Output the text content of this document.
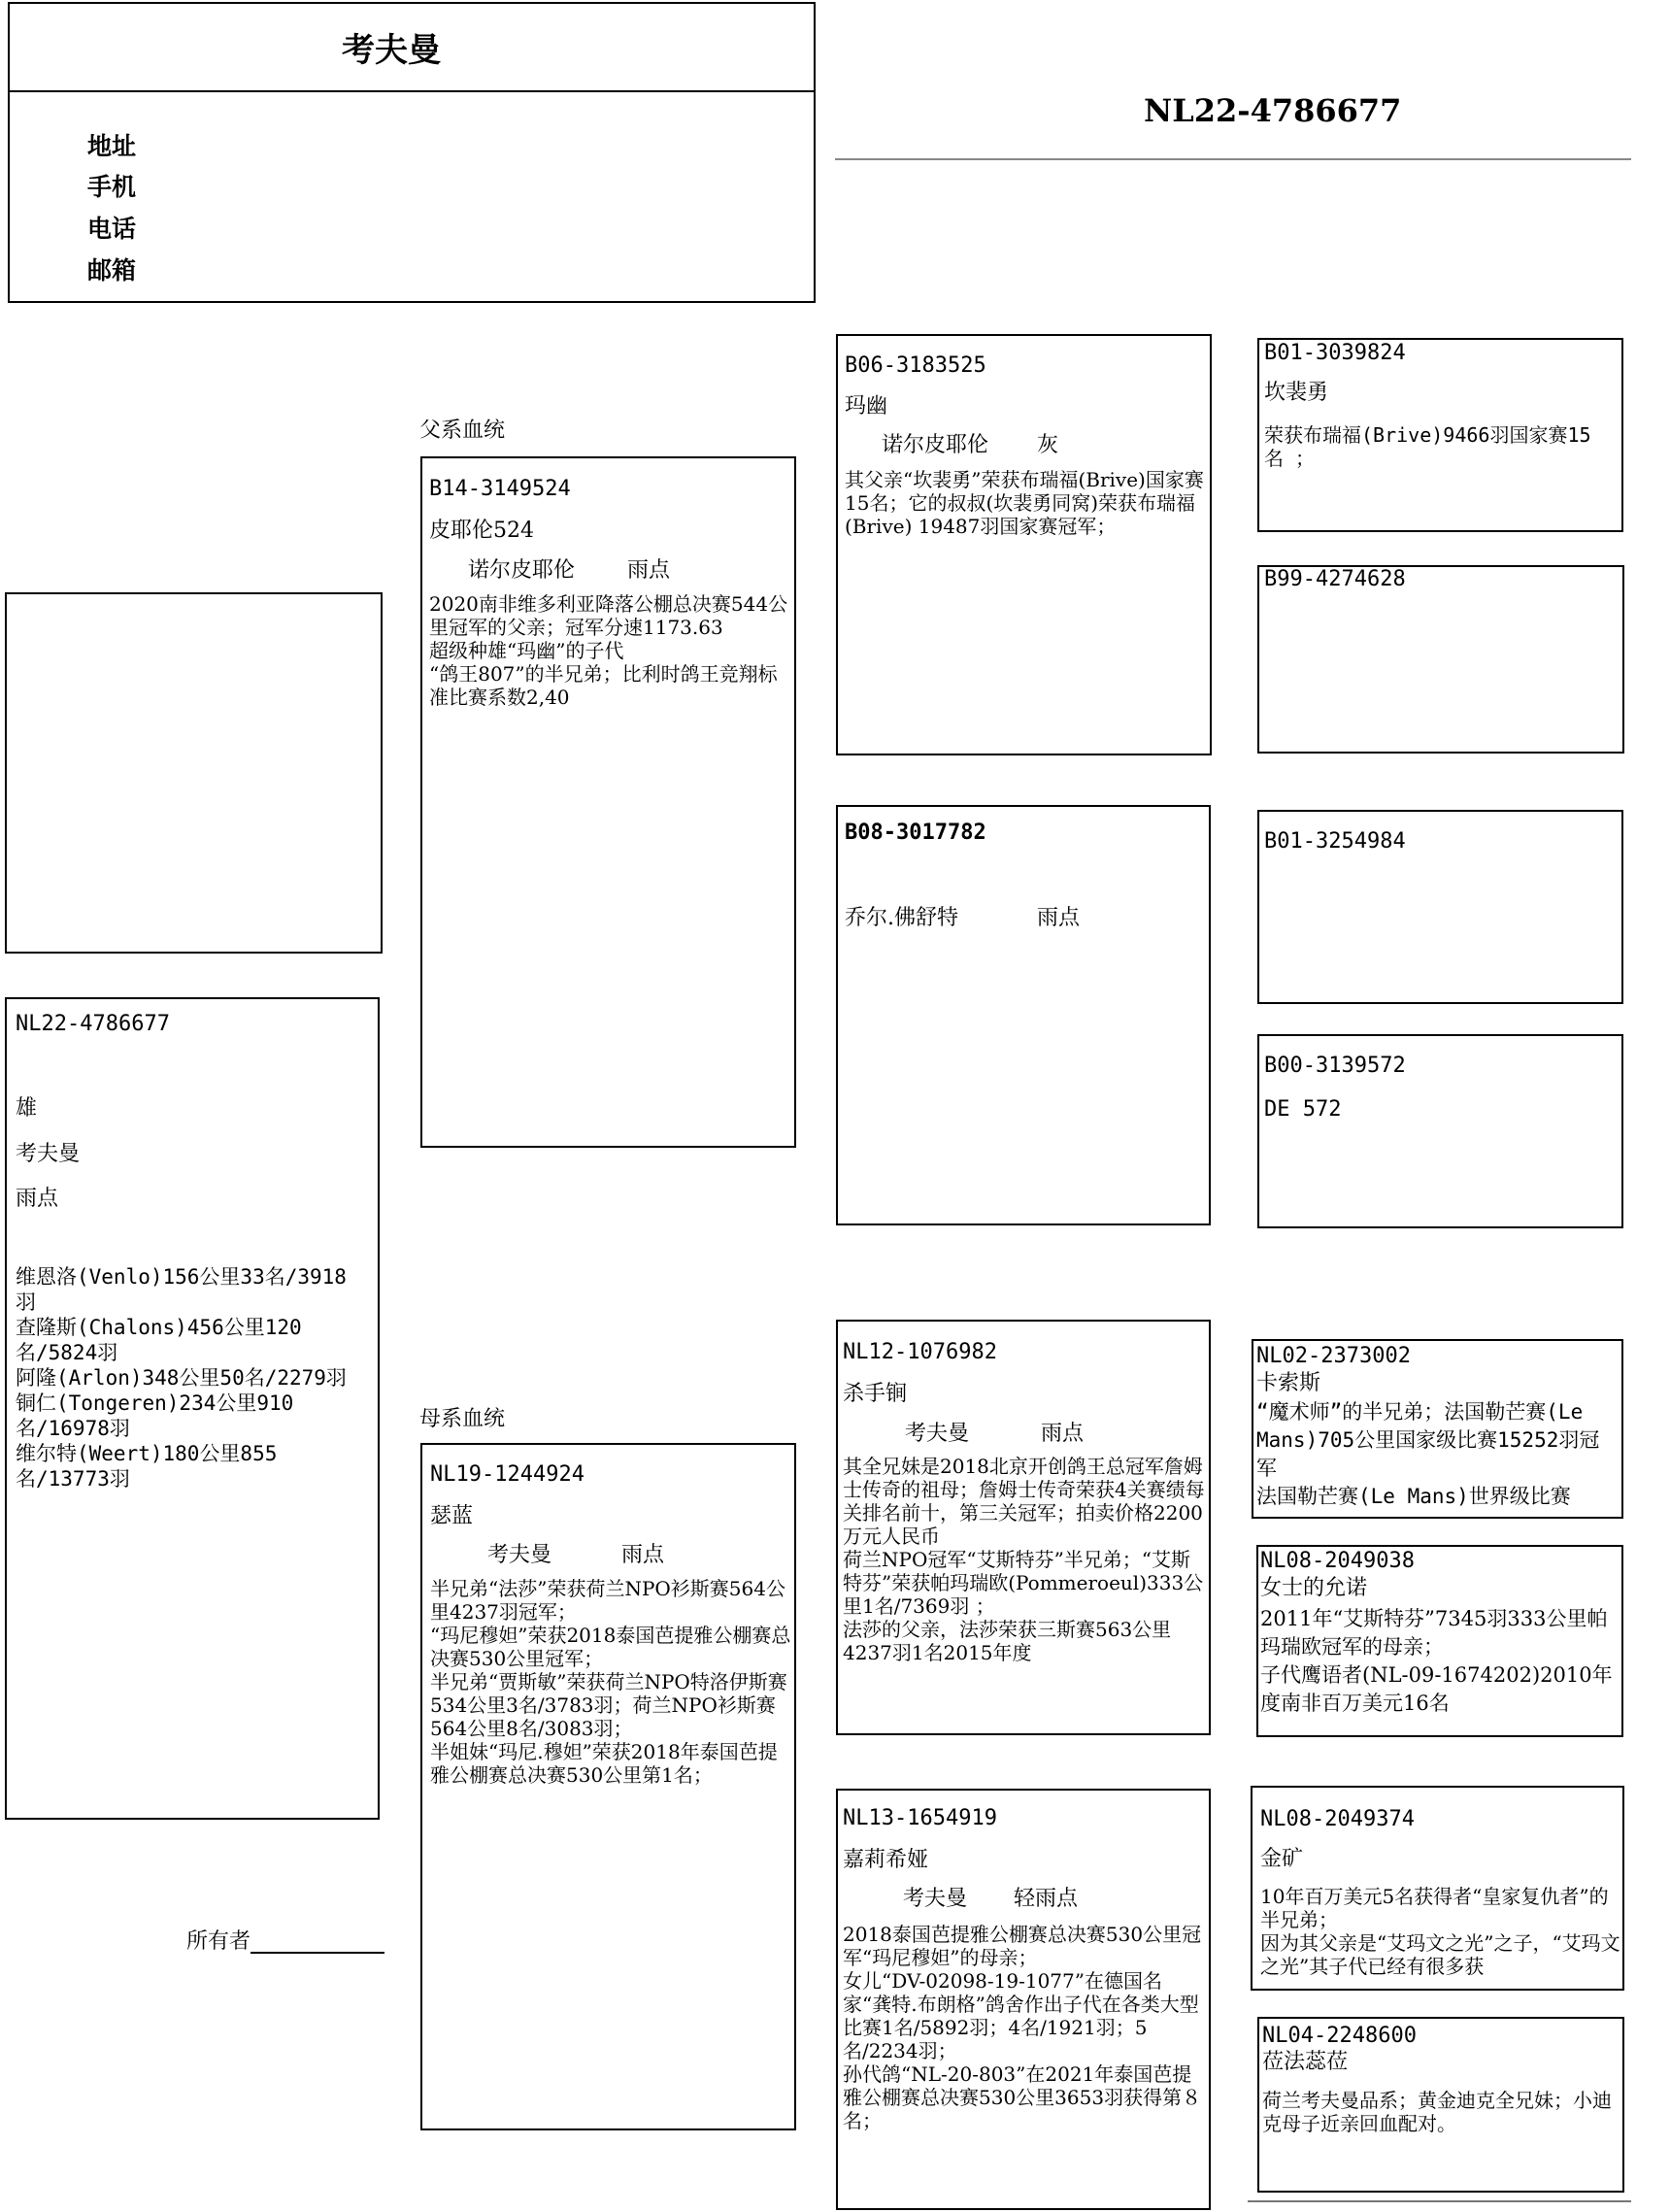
考夫曼
地址
手机
电话
邮箱
NL22-4786677
NL22-4786677
雄
考夫曼
雨点
维恩洛(Venlo)156公里33名/3918羽
查隆斯(Chalons)456公里120名/5824羽
阿隆(Arlon)348公里50名/2279羽
铜仁(Tongeren)234公里910名/16978羽
维尔特(Weert)180公里855名/13773羽
所有者
父系血统
B14-3149524
皮耶伦524
诺尔皮耶伦 雨点
2020南非维多利亚降落公棚总决赛544公里冠军的父亲；冠军分速1173.63
超级种雄“玛幽”的子代
“鸽王807”的半兄弟；比利时鸽王竞翔标准比赛系数2,40
母系血统
NL19-1244924
瑟蓝
考夫曼	雨点
半兄弟“法莎”荣获荷兰NPO衫斯赛564公里4237羽冠军；
“玛尼穆妲”荣获2018泰国芭提雅公棚赛总决赛530公里冠军；
半兄弟“贾斯敏”荣获荷兰NPO特洛伊斯赛534公里3名/3783羽；荷兰NPO衫斯赛564公里8名/3083羽；
半姐妹“玛尼.穆妲”荣获2018年泰国芭提雅公棚赛总决赛530公里第1名；
B06-3183525
玛幽
诺尔皮耶伦 灰
其父亲“坎裴勇”荣获布瑞福(Brive)国家赛15名；它的叔叔(坎裴勇同窝)荣获布瑞福(Brive) 19487羽国家赛冠军；
B08-3017782
乔尔.佛舒特	雨点
NL12-1076982
杀手锏
考夫曼	雨点
其全兄妹是2018北京开创鸽王总冠军詹姆士传奇的祖母；詹姆士传奇荣获4关赛绩每关排名前十，第三关冠军；拍卖价格2200万元人民币
荷兰NPO冠军“艾斯特芬”半兄弟；“艾斯特芬”荣获帕玛瑞欧(Pommeroeul)333公里1名/7369羽 ；
法莎的父亲，法莎荣获三斯赛563公里4237羽1名2015年度
NL13-1654919
嘉莉希娅
考夫曼 轻雨点
2018泰国芭提雅公棚赛总决赛530公里冠军“玛尼穆妲”的母亲；
女儿“DV-02098-19-1077”在德国名家“龚特.布朗格”鸽舍作出子代在各类大型比赛1名/5892羽；4名/1921羽；5名/2234羽；
孙代鸽“NL-20-803”在2021年泰国芭提雅公棚赛总决赛530公里3653羽获得第８名；
B01-3039824
坎裴勇
荣获布瑞福(Brive)9466羽国家赛15 名 ；
B99-4274628
B01-3254984
B00-3139572
DE 572
NL02-2373002
卡索斯
“魔术师”的半兄弟；法国勒芒赛(Le Mans)705公里国家级比赛15252羽冠军
法国勒芒赛(Le Mans)世界级比赛
NL08-2049038
女士的允诺
2011年“艾斯特芬”7345羽333公里帕 玛瑞欧冠军的母亲；
子代鹰语者(NL-09-1674202)2010年度南非百万美元16名
NL08-2049374
金矿
10年百万美元5名获得者“皇家复仇者”的半兄弟；
因为其父亲是“艾玛文之光”之子，“艾玛文之光”其子代已经有很多获
NL04-2248600
莅法蕊莅
荷兰考夫曼品系；黄金迪克全兄妹；小迪克母子近亲回血配对。
